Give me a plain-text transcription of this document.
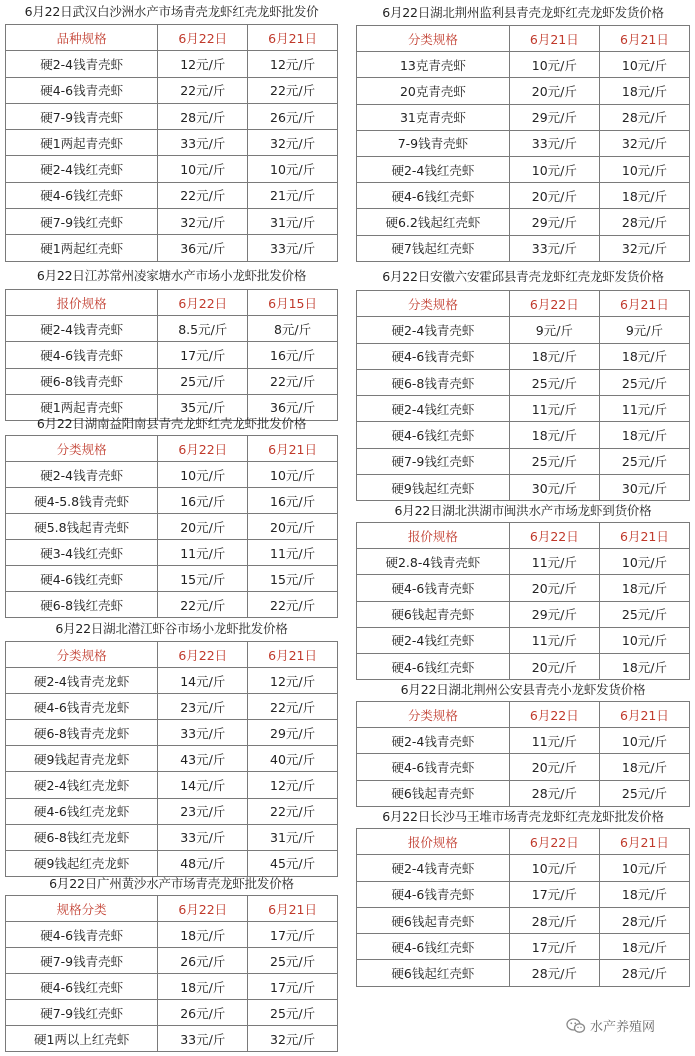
6月22日武汉白沙洲水产市场青壳龙虾红壳龙虾批发价
品种规格	6月22日	6月21日
硬2-4钱青壳虾	12元/斤	12元/斤
硬4-6钱青壳虾	22元/斤	22元/斤
硬7-9钱青壳虾	28元/斤	26元/斤
硬1两起青壳虾	33元/斤	32元/斤
硬2-4钱红壳虾	10元/斤	10元/斤
硬4-6钱红壳虾	22元/斤	21元/斤
硬7-9钱红壳虾	32元/斤	31元/斤
硬1两起红壳虾	36元/斤	33元/斤
6月22日江苏常州凌家塘水产市场小龙虾批发价格
报价规格	6月22日	6月15日
硬2-4钱青壳虾	8.5元/斤	8元/斤
硬4-6钱青壳虾	17元/斤	16元/斤
硬6-8钱青壳虾	25元/斤	22元/斤
硬1两起青壳虾	35元/斤	36元/斤
6月22日湖南益阳南县青壳龙虾红壳龙虾批发价格
分类规格	6月22日	6月21日
硬2-4钱青壳虾	10元/斤	10元/斤
硬4-5.8钱青壳虾	16元/斤	16元/斤
硬5.8钱起青壳虾	20元/斤	20元/斤
硬3-4钱红壳虾	11元/斤	11元/斤
硬4-6钱红壳虾	15元/斤	15元/斤
硬6-8钱红壳虾	22元/斤	22元/斤
6月22日湖北潜江虾谷市场小龙虾批发价格
分类规格	6月22日	6月21日
硬2-4钱青壳龙虾	14元/斤	12元/斤
硬4-6钱青壳龙虾	23元/斤	22元/斤
硬6-8钱青壳龙虾	33元/斤	29元/斤
硬9钱起青壳龙虾	43元/斤	40元/斤
硬2-4钱红壳龙虾	14元/斤	12元/斤
硬4-6钱红壳龙虾	23元/斤	22元/斤
硬6-8钱红壳龙虾	33元/斤	31元/斤
硬9钱起红壳龙虾	48元/斤	45元/斤
6月22日广州黄沙水产市场青壳龙虾批发价格
规格分类	6月22日	6月21日
硬4-6钱青壳虾	18元/斤	17元/斤
硬7-9钱青壳虾	26元/斤	25元/斤
硬4-6钱红壳虾	18元/斤	17元/斤
硬7-9钱红壳虾	26元/斤	25元/斤
硬1两以上红壳虾	33元/斤	32元/斤
6月22日湖北荆州监利县青壳龙虾红壳龙虾发货价格
分类规格	6月21日	6月21日
13克青壳虾	10元/斤	10元/斤
20克青壳虾	20元/斤	18元/斤
31克青壳虾	29元/斤	28元/斤
7-9钱青壳虾	33元/斤	32元/斤
硬2-4钱红壳虾	10元/斤	10元/斤
硬4-6钱红壳虾	20元/斤	18元/斤
硬6.2钱起红壳虾	29元/斤	28元/斤
硬7钱起红壳虾	33元/斤	32元/斤
6月22日安徽六安霍邱县青壳龙虾红壳龙虾发货价格
分类规格	6月22日	6月21日
硬2-4钱青壳虾	9元/斤	9元/斤
硬4-6钱青壳虾	18元/斤	18元/斤
硬6-8钱青壳虾	25元/斤	25元/斤
硬2-4钱红壳虾	11元/斤	11元/斤
硬4-6钱红壳虾	18元/斤	18元/斤
硬7-9钱红壳虾	25元/斤	25元/斤
硬9钱起红壳虾	30元/斤	30元/斤
6月22日湖北洪湖市闽洪水产市场龙虾到货价格
报价规格	6月22日	6月21日
硬2.8-4钱青壳虾	11元/斤	10元/斤
硬4-6钱青壳虾	20元/斤	18元/斤
硬6钱起青壳虾	29元/斤	25元/斤
硬2-4钱红壳虾	11元/斤	10元/斤
硬4-6钱红壳虾	20元/斤	18元/斤
6月22日湖北荆州公安县青壳小龙虾发货价格
分类规格	6月22日	6月21日
硬2-4钱青壳虾	11元/斤	10元/斤
硬4-6钱青壳虾	20元/斤	18元/斤
硬6钱起青壳虾	28元/斤	25元/斤
6月22日长沙马王堆市场青壳龙虾红壳龙虾批发价格
报价规格	6月22日	6月21日
硬2-4钱青壳虾	10元/斤	10元/斤
硬4-6钱青壳虾	17元/斤	18元/斤
硬6钱起青壳虾	28元/斤	28元/斤
硬4-6钱红壳虾	17元/斤	18元/斤
硬6钱起红壳虾	28元/斤	28元/斤
水产养殖网
